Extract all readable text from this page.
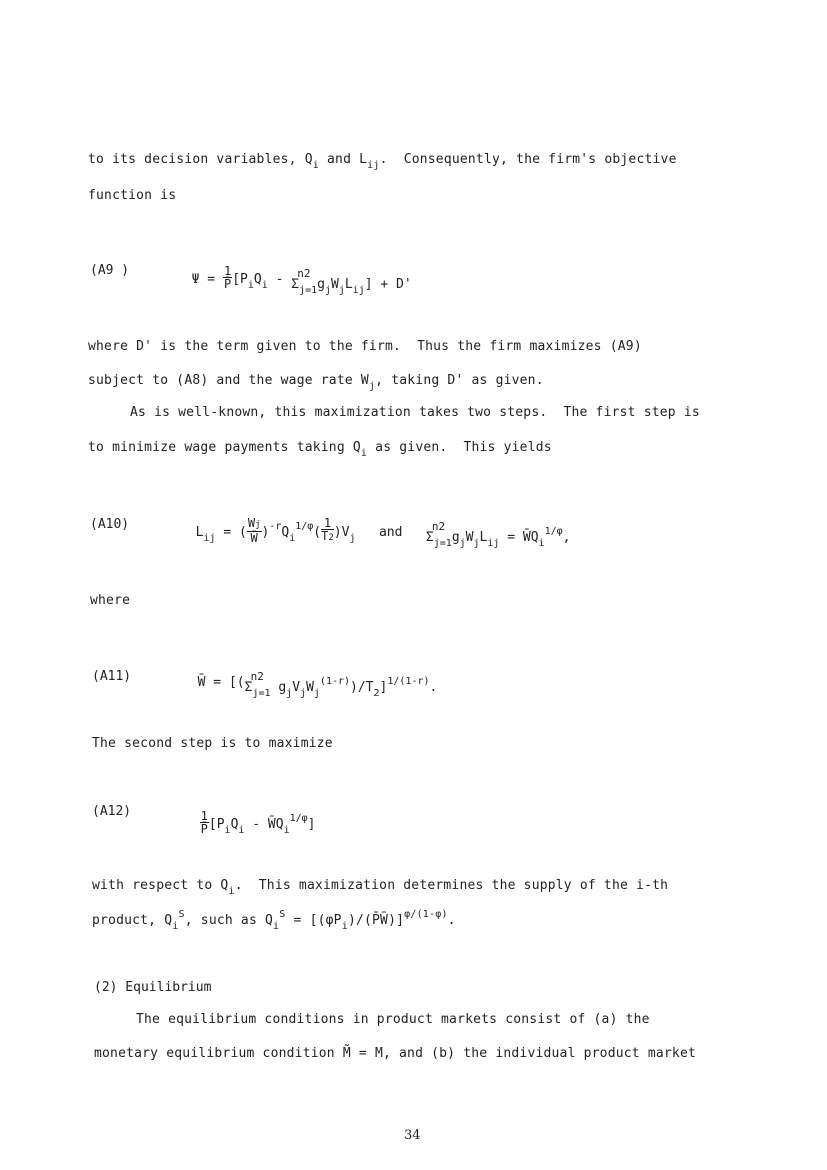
to its decision variables, $Q_i$ and $L_{ij}$.  Consequently, the firm's objective
function is
(A9 )

$\Psi = \frac{1}{P̄} [P_iQ_i - n2$
$\Sigma_{j=1}g_jW_jL_{ij}] + D'$

where D' is the term given to the firm.  Thus the firm maximizes (A9)
subject to (A8) and the wage rate $W_j$, taking D' as given.
As is well-known, this maximization takes two steps.  The first step is
to minimize wage payments taking $Q_i$ as given.  This yields
(A10)

$L_{ij}$ = ( $\frac{Wj}{W̄} )^{-r}Q_i^{1/\varphi}( \frac{1}{T2} )V_j$   and n2
$\Sigma_{j=1}g_jW_jL_{ij}$ = $W̄Q_i^{1/\varphi}$,

where
(A11)	W̄ = [( n2
$\Sigma_{j=1}$ $g_jV_jW_j^{(1-r)})/T_2]^{1/(1-r)}$.

The second step is to maximize
(A12)

	$\frac{1}{P̄} [P_iQ_i$ - $W̄Q_i^{1/\varphi}$]

with respect to $Q_i$.  This maximization determines the supply of the i-th
product, $Q_i^S$, such as $Q_i^S$ = $[(\varphi P_i)/(P̄W̄)]^{\varphi/(1-\varphi)}$.
(2) Equilibrium
The equilibrium conditions in product markets consist of (a) the
monetary equilibrium condition M̃ = M, and (b) the individual product market
34
